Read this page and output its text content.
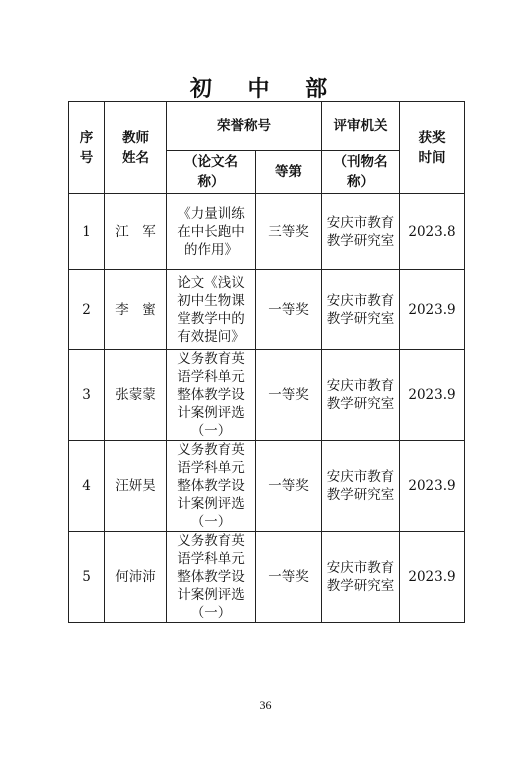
初 中 部
序号	教师姓名	荣誉称号		评审机关	获奖时间
		（论文名称）	等第	（刊物名称）	
1	江　军	《力量训练在中长跑中的作用》	三等奖	安庆市教育教学研究室	2023.8
2	李　蜜	论文《浅议初中生物课堂教学中的有效提问》	一等奖	安庆市教育教学研究室	2023.9
3	张蒙蒙	义务教育英语学科单元整体教学设计案例评选（一）	一等奖	安庆市教育教学研究室	2023.9
4	汪妍昊	义务教育英语学科单元整体教学设计案例评选（一）	一等奖	安庆市教育教学研究室	2023.9
5	何沛沛	义务教育英语学科单元整体教学设计案例评选（一）	一等奖	安庆市教育教学研究室	2023.9
36
